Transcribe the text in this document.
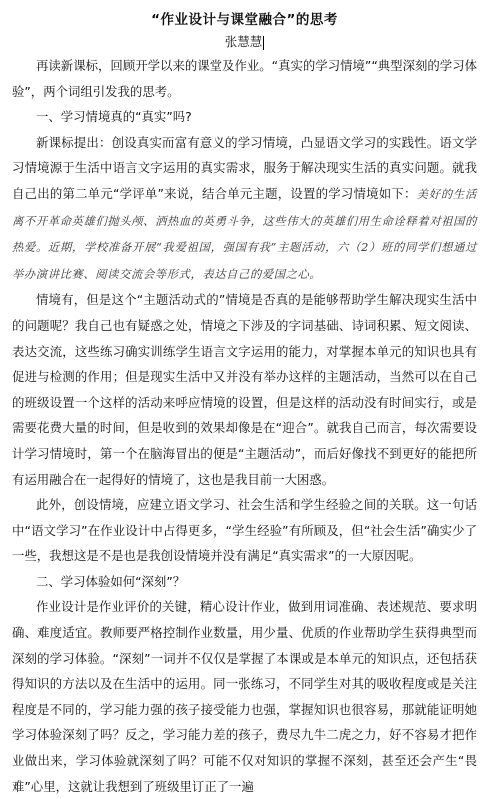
“作业设计与课堂融合”的思考
张慧慧

再读新课标，回顾开学以来的课堂及作业。“真实的学习情境”“典型深刻的学习体验”，两个词组引发我的思考。

一、学习情境真的“真实”吗?

新课标提出：创设真实而富有意义的学习情境，凸显语文学习的实践性。语文学习情境源于生活中语言文字运用的真实需求，服务于解决现实生活的真实问题。就我自己出的第二单元“学评单”来说，结合单元主题，设置的学习情境如下：美好的生活离不开革命英雄们抛头颅、洒热血的英勇斗争，这些伟大的英雄们用生命诠释着对祖国的热爱。近期，学校准备开展“我爱祖国，强国有我”主题活动，六（2）班的同学们想通过举办演讲比赛、阅读交流会等形式，表达自己的爱国之心。

情境有，但是这个“主题活动式的”情境是否真的是能够帮助学生解决现实生活中的问题呢？我自己也有疑惑之处，情境之下涉及的字词基础、诗词积累、短文阅读、表达交流，这些练习确实训练学生语言文字运用的能力，对掌握本单元的知识也具有促进与检测的作用；但是现实生活中又并没有举办这样的主题活动，当然可以在自己的班级设置一个这样的活动来呼应情境的设置，但是这样的活动没有时间实行，或是需要花费大量的时间，但是收到的效果却像是在“迎合”。就我自己而言，每次需要设计学习情境时，第一个在脑海冒出的便是“主题活动”，而后好像找不到更好的能把所有运用融合在一起得好的情境了，这也是我目前一大困惑。

此外，创设情境，应建立语文学习、社会生活和学生经验之间的关联。这一句话中“语文学习”在作业设计中占得更多，“学生经验”有所顾及，但“社会生活”确实少了一些，我想这是不是也是我创设情境并没有满足“真实需求”的一大原因呢。

二、学习体验如何“深刻”？

作业设计是作业评价的关键，精心设计作业，做到用词准确、表述规范、要求明确、难度适宜。教师要严格控制作业数量，用少量、优质的作业帮助学生获得典型而深刻的学习体验。“深刻”一词并不仅仅是掌握了本课或是本单元的知识点，还包括获得知识的方法以及在生活中的运用。同一张练习，不同学生对其的吸收程度或是关注程度是不同的，学习能力强的孩子接受能力也强，掌握知识也很容易，那就能证明她学习体验深刻了吗？反之，学习能力差的孩子，费尽九牛二虎之力，好不容易才把作业做出来，学习体验就深刻了吗？可能不仅对知识的掌握不深刻，甚至还会产生“畏难”心里，这就让我想到了班级里订正了一遍
